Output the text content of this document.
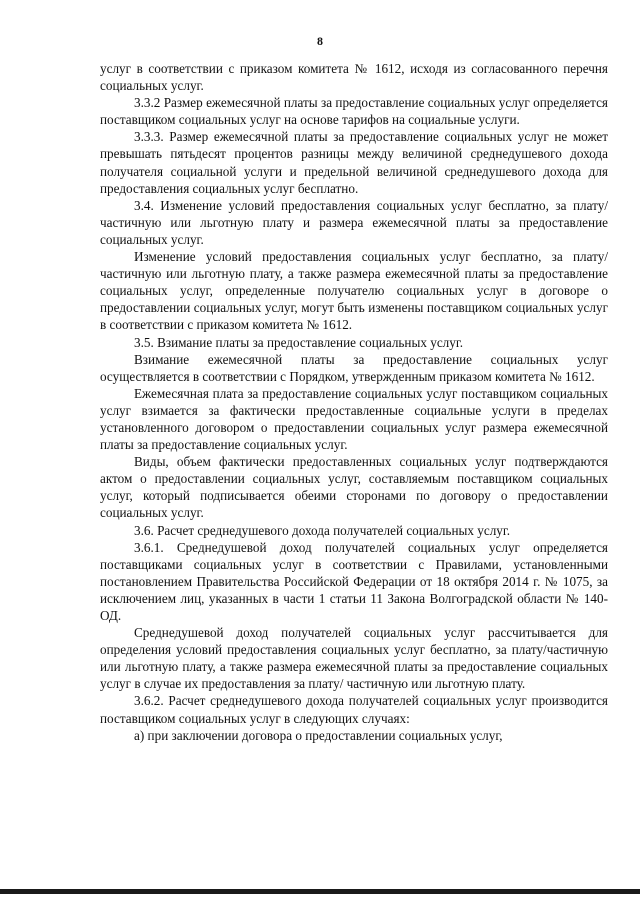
8

услуг в соответствии с приказом комитета № 1612, исходя из согласованного перечня социальных услуг.

3.3.2 Размер ежемесячной платы за предоставление социальных услуг определяется поставщиком социальных услуг на основе тарифов на социальные услуги.

3.3.3. Размер ежемесячной платы за предоставление социальных услуг не может превышать пятьдесят процентов разницы между величиной среднедушевого дохода получателя социальной услуги и предельной величиной среднедушевого дохода для предоставления социальных услуг бесплатно.

3.4. Изменение условий предоставления социальных услуг бесплатно, за плату/частичную или льготную плату и размера ежемесячной платы за предоставление социальных услуг.

Изменение условий предоставления социальных услуг бесплатно, за плату/частичную или льготную плату, а также размера ежемесячной платы за предоставление социальных услуг, определенные получателю социальных услуг в договоре о предоставлении социальных услуг, могут быть изменены поставщиком социальных услуг в соответствии с приказом комитета № 1612.

3.5. Взимание платы за предоставление социальных услуг.

Взимание ежемесячной платы за предоставление социальных услуг осуществляется в соответствии с Порядком, утвержденным приказом комитета № 1612.

Ежемесячная плата за предоставление социальных услуг поставщиком социальных услуг взимается за фактически предоставленные социальные услуги в пределах установленного договором о предоставлении социальных услуг размера ежемесячной платы за предоставление социальных услуг.

Виды, объем фактически предоставленных социальных услуг подтверждаются актом о предоставлении социальных услуг, составляемым поставщиком социальных услуг, который подписывается обеими сторонами по договору о предоставлении социальных услуг.

3.6. Расчет среднедушевого дохода получателей социальных услуг.

3.6.1. Среднедушевой доход получателей социальных услуг определяется поставщиками социальных услуг в соответствии с Правилами, установленными постановлением Правительства Российской Федерации от 18 октября 2014 г. № 1075, за исключением лиц, указанных в части 1 статьи 11 Закона Волгоградской области № 140-ОД.

Среднедушевой доход получателей социальных услуг рассчитывается для определения условий предоставления социальных услуг бесплатно, за плату/частичную или льготную плату, а также размера ежемесячной платы за предоставление социальных услуг в случае их предоставления за плату/ частичную или льготную плату.

3.6.2. Расчет среднедушевого дохода получателей социальных услуг производится поставщиком социальных услуг в следующих случаях:

а) при заключении договора о предоставлении социальных услуг,
